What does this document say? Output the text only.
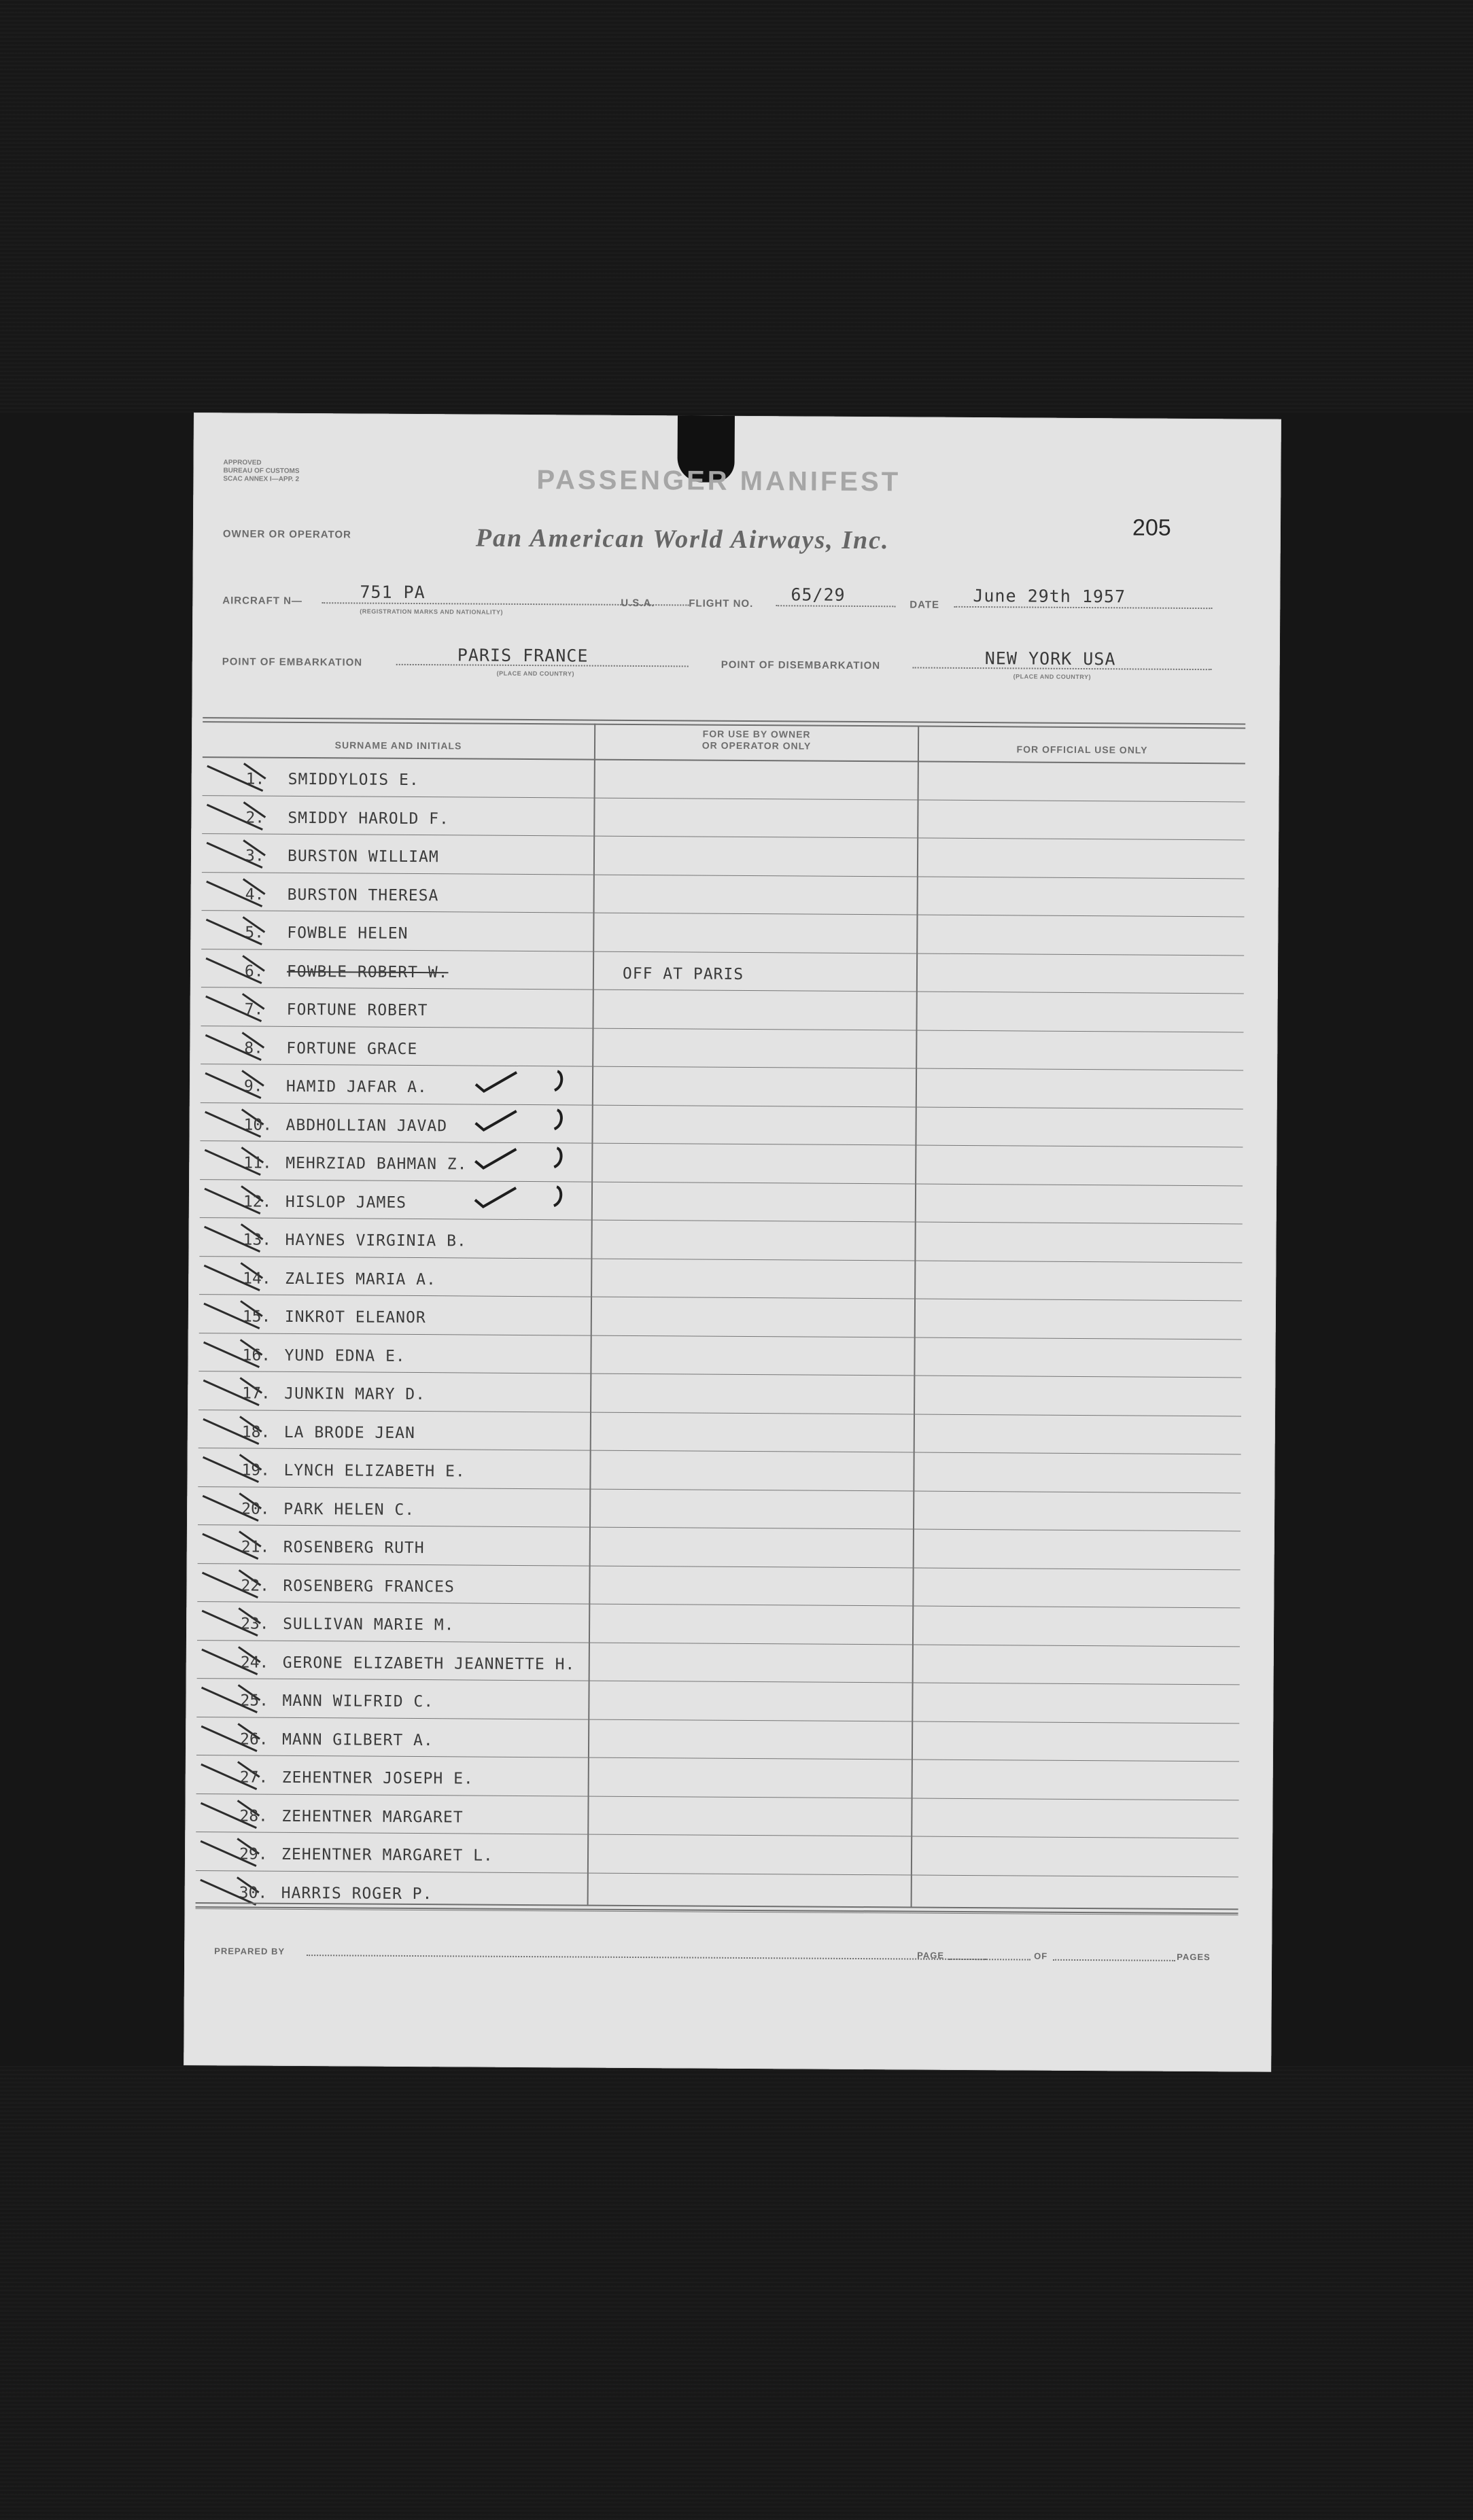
APPROVED
BUREAU OF CUSTOMS
SCAC ANNEX I—APP. 2	PASSENGER MANIFEST
OWNER OR OPERATOR	Pan American World Airways, Inc.	205
AIRCRAFT N—	751 PA
(REGISTRATION MARKS AND NATIONALITY)
U.S.A.	FLIGHT NO. 65/29
DATE June 29th 1957
POINT OF EMBARKATION	PARIS FRANCE
(PLACE AND COUNTRY)
POINT OF DISEMBARKATION	NEW YORK USA
(PLACE AND COUNTRY)
SURNAME AND INITIALS
FOR USE BY OWNER
OR OPERATOR ONLY	FOR OFFICIAL USE ONLY
1. SMIDDYLOIS E.
2. SMIDDY HAROLD F.
3. BURSTON WILLIAM
4. BURSTON THERESA
5. FOWBLE HELEN
6. FOWBLE ROBERT W.	OFF AT PARIS
7. FORTUNE ROBERT
8. FORTUNE GRACE
9. HAMID JAFAR A.
10. ABDHOLLIAN JAVAD
11. MEHRZIAD BAHMAN Z.
12. HISLOP JAMES
13. HAYNES VIRGINIA B.
14. ZALIES MARIA A.
15. INKROT ELEANOR
16. YUND EDNA E.
17. JUNKIN MARY D.
18. LA BRODE JEAN
19. LYNCH ELIZABETH E.
20. PARK HELEN C.
21. ROSENBERG RUTH
22. ROSENBERG FRANCES
23. SULLIVAN MARIE M.
24. GERONE ELIZABETH JEANNETTE H.
25. MANN WILFRID C.
26. MANN GILBERT A.
27. ZEHENTNER JOSEPH E.
28. ZEHENTNER MARGARET
29. ZEHENTNER MARGARET L.
30. HARRIS ROGER P.
PREPARED BY	PAGE	OF	PAGES
